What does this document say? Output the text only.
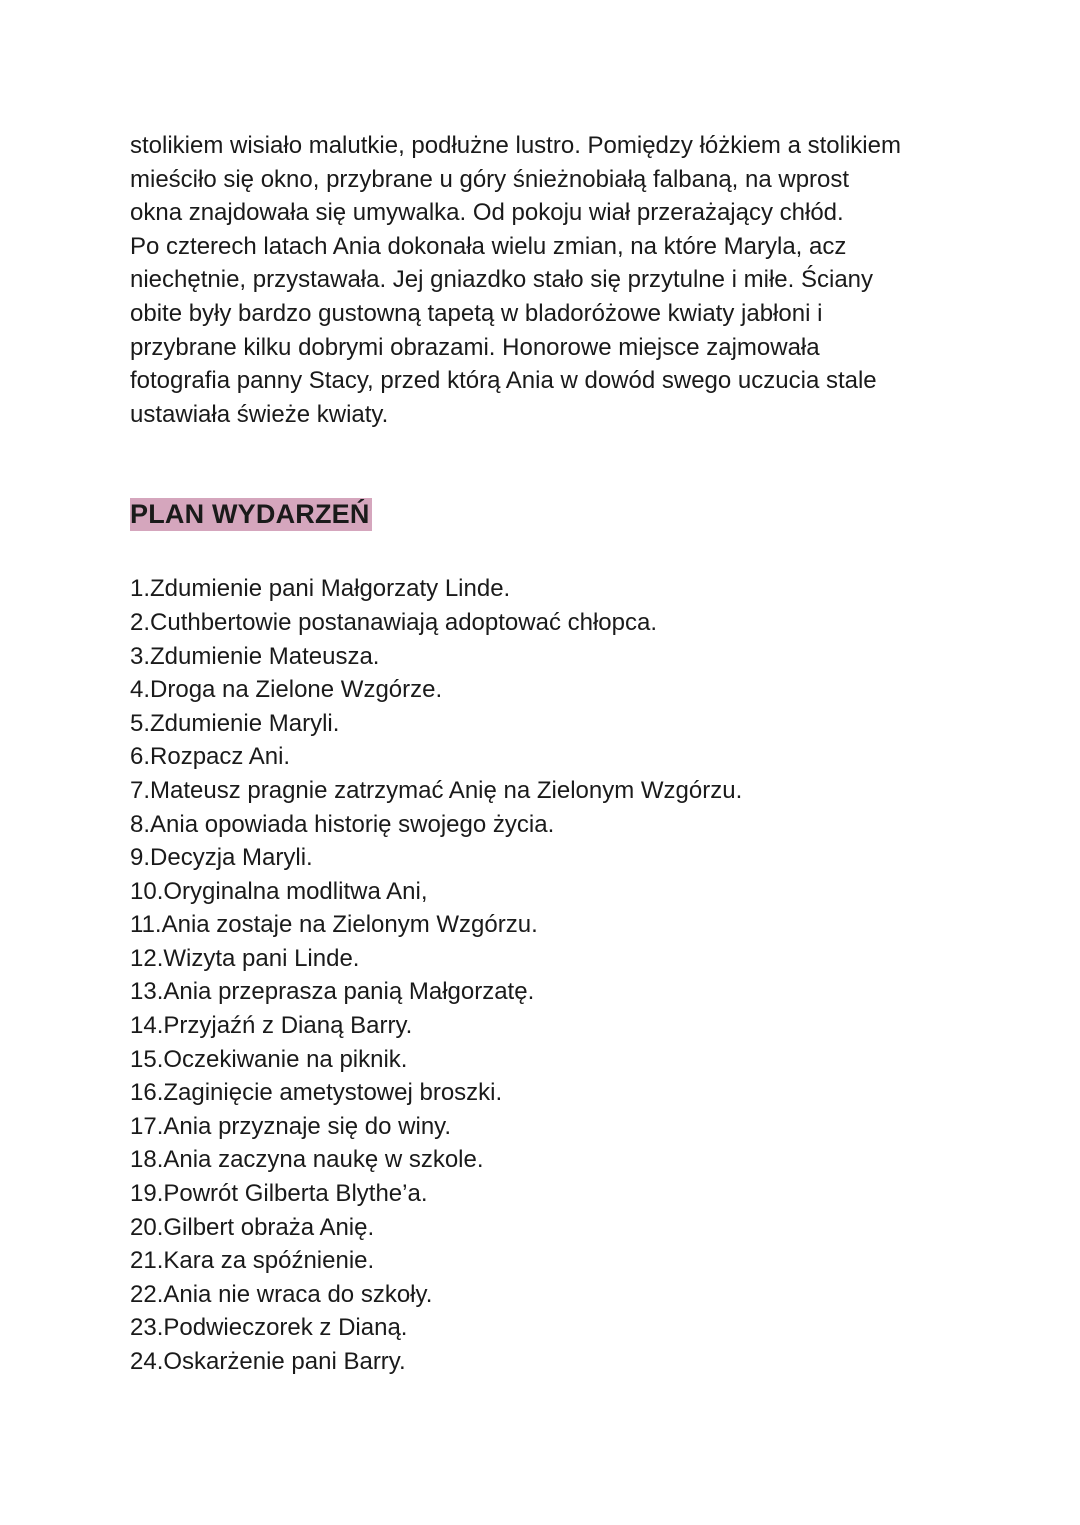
stolikiem wisiało malutkie, podłużne lustro. Pomiędzy łóżkiem a stolikiem
mieściło się okno, przybrane u góry śnieżnobiałą falbaną, na wprost
okna znajdowała się umywalka. Od pokoju wiał przerażający chłód.
Po czterech latach Ania dokonała wielu zmian, na które Maryla, acz
niechętnie, przystawała. Jej gniazdko stało się przytulne i miłe. Ściany
obite były bardzo gustowną tapetą w bladoróżowe kwiaty jabłoni i
przybrane kilku dobrymi obrazami. Honorowe miejsce zajmowała
fotografia panny Stacy, przed którą Ania w dowód swego uczucia stale
ustawiała świeże kwiaty.
PLAN WYDARZEŃ
1.Zdumienie pani Małgorzaty Linde.
2.Cuthbertowie postanawiają adoptować chłopca.
3.Zdumienie Mateusza.
4.Droga na Zielone Wzgórze.
5.Zdumienie Maryli.
6.Rozpacz Ani.
7.Mateusz pragnie zatrzymać Anię na Zielonym Wzgórzu.
8.Ania opowiada historię swojego życia.
9.Decyzja Maryli.
10.Oryginalna modlitwa Ani,
11.Ania zostaje na Zielonym Wzgórzu.
12.Wizyta pani Linde.
13.Ania przeprasza panią Małgorzatę.
14.Przyjaźń z Dianą Barry.
15.Oczekiwanie na piknik.
16.Zaginięcie ametystowej broszki.
17.Ania przyznaje się do winy.
18.Ania zaczyna naukę w szkole.
19.Powrót Gilberta Blythe’a.
20.Gilbert obraża Anię.
21.Kara za spóźnienie.
22.Ania nie wraca do szkoły.
23.Podwieczorek z Dianą.
24.Oskarżenie pani Barry.
